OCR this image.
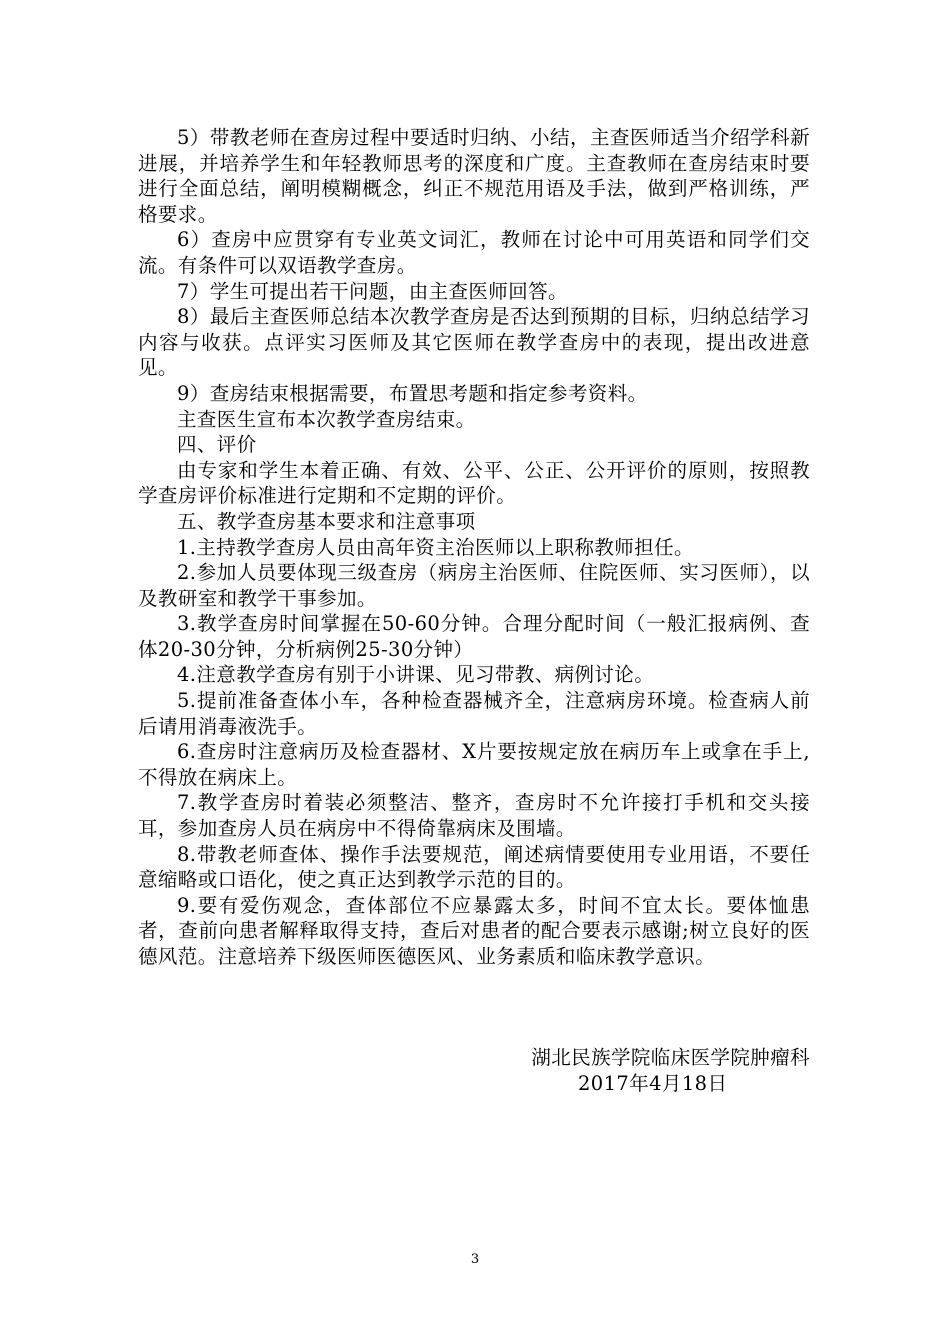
5）带教老师在查房过程中要适时归纳、小结，主查医师适当介绍学科新进展，并培养学生和年轻教师思考的深度和广度。主查教师在查房结束时要进行全面总结，阐明模糊概念，纠正不规范用语及手法，做到严格训练，严格要求。

6）查房中应贯穿有专业英文词汇，教师在讨论中可用英语和同学们交流。有条件可以双语教学查房。

7）学生可提出若干问题，由主查医师回答。

8）最后主查医师总结本次教学查房是否达到预期的目标，归纳总结学习内容与收获。点评实习医师及其它医师在教学查房中的表现，提出改进意见。

9）查房结束根据需要，布置思考题和指定参考资料。

主查医生宣布本次教学查房结束。

四、评价

由专家和学生本着正确、有效、公平、公正、公开评价的原则，按照教学查房评价标准进行定期和不定期的评价。

五、教学查房基本要求和注意事项

1.主持教学查房人员由高年资主治医师以上职称教师担任。

2.参加人员要体现三级查房（病房主治医师、住院医师、实习医师），以及教研室和教学干事参加。

3.教学查房时间掌握在50-60分钟。合理分配时间（一般汇报病例、查体20-30分钟，分析病例25-30分钟）

4.注意教学查房有别于小讲课、见习带教、病例讨论。

5.提前准备查体小车，各种检查器械齐全，注意病房环境。检查病人前后请用消毒液洗手。

6.查房时注意病历及检查器材、X片要按规定放在病历车上或拿在手上,不得放在病床上。

7.教学查房时着装必须整洁、整齐，查房时不允许接打手机和交头接耳，参加查房人员在病房中不得倚靠病床及围墙。

8.带教老师查体、操作手法要规范，阐述病情要使用专业用语，不要任意缩略或口语化，使之真正达到教学示范的目的。

9.要有爱伤观念，查体部位不应暴露太多，时间不宜太长。要体恤患者，查前向患者解释取得支持，查后对患者的配合要表示感谢;树立良好的医德风范。注意培养下级医师医德医风、业务素质和临床教学意识。

湖北民族学院临床医学院肿瘤科

2017年4月18日

3
